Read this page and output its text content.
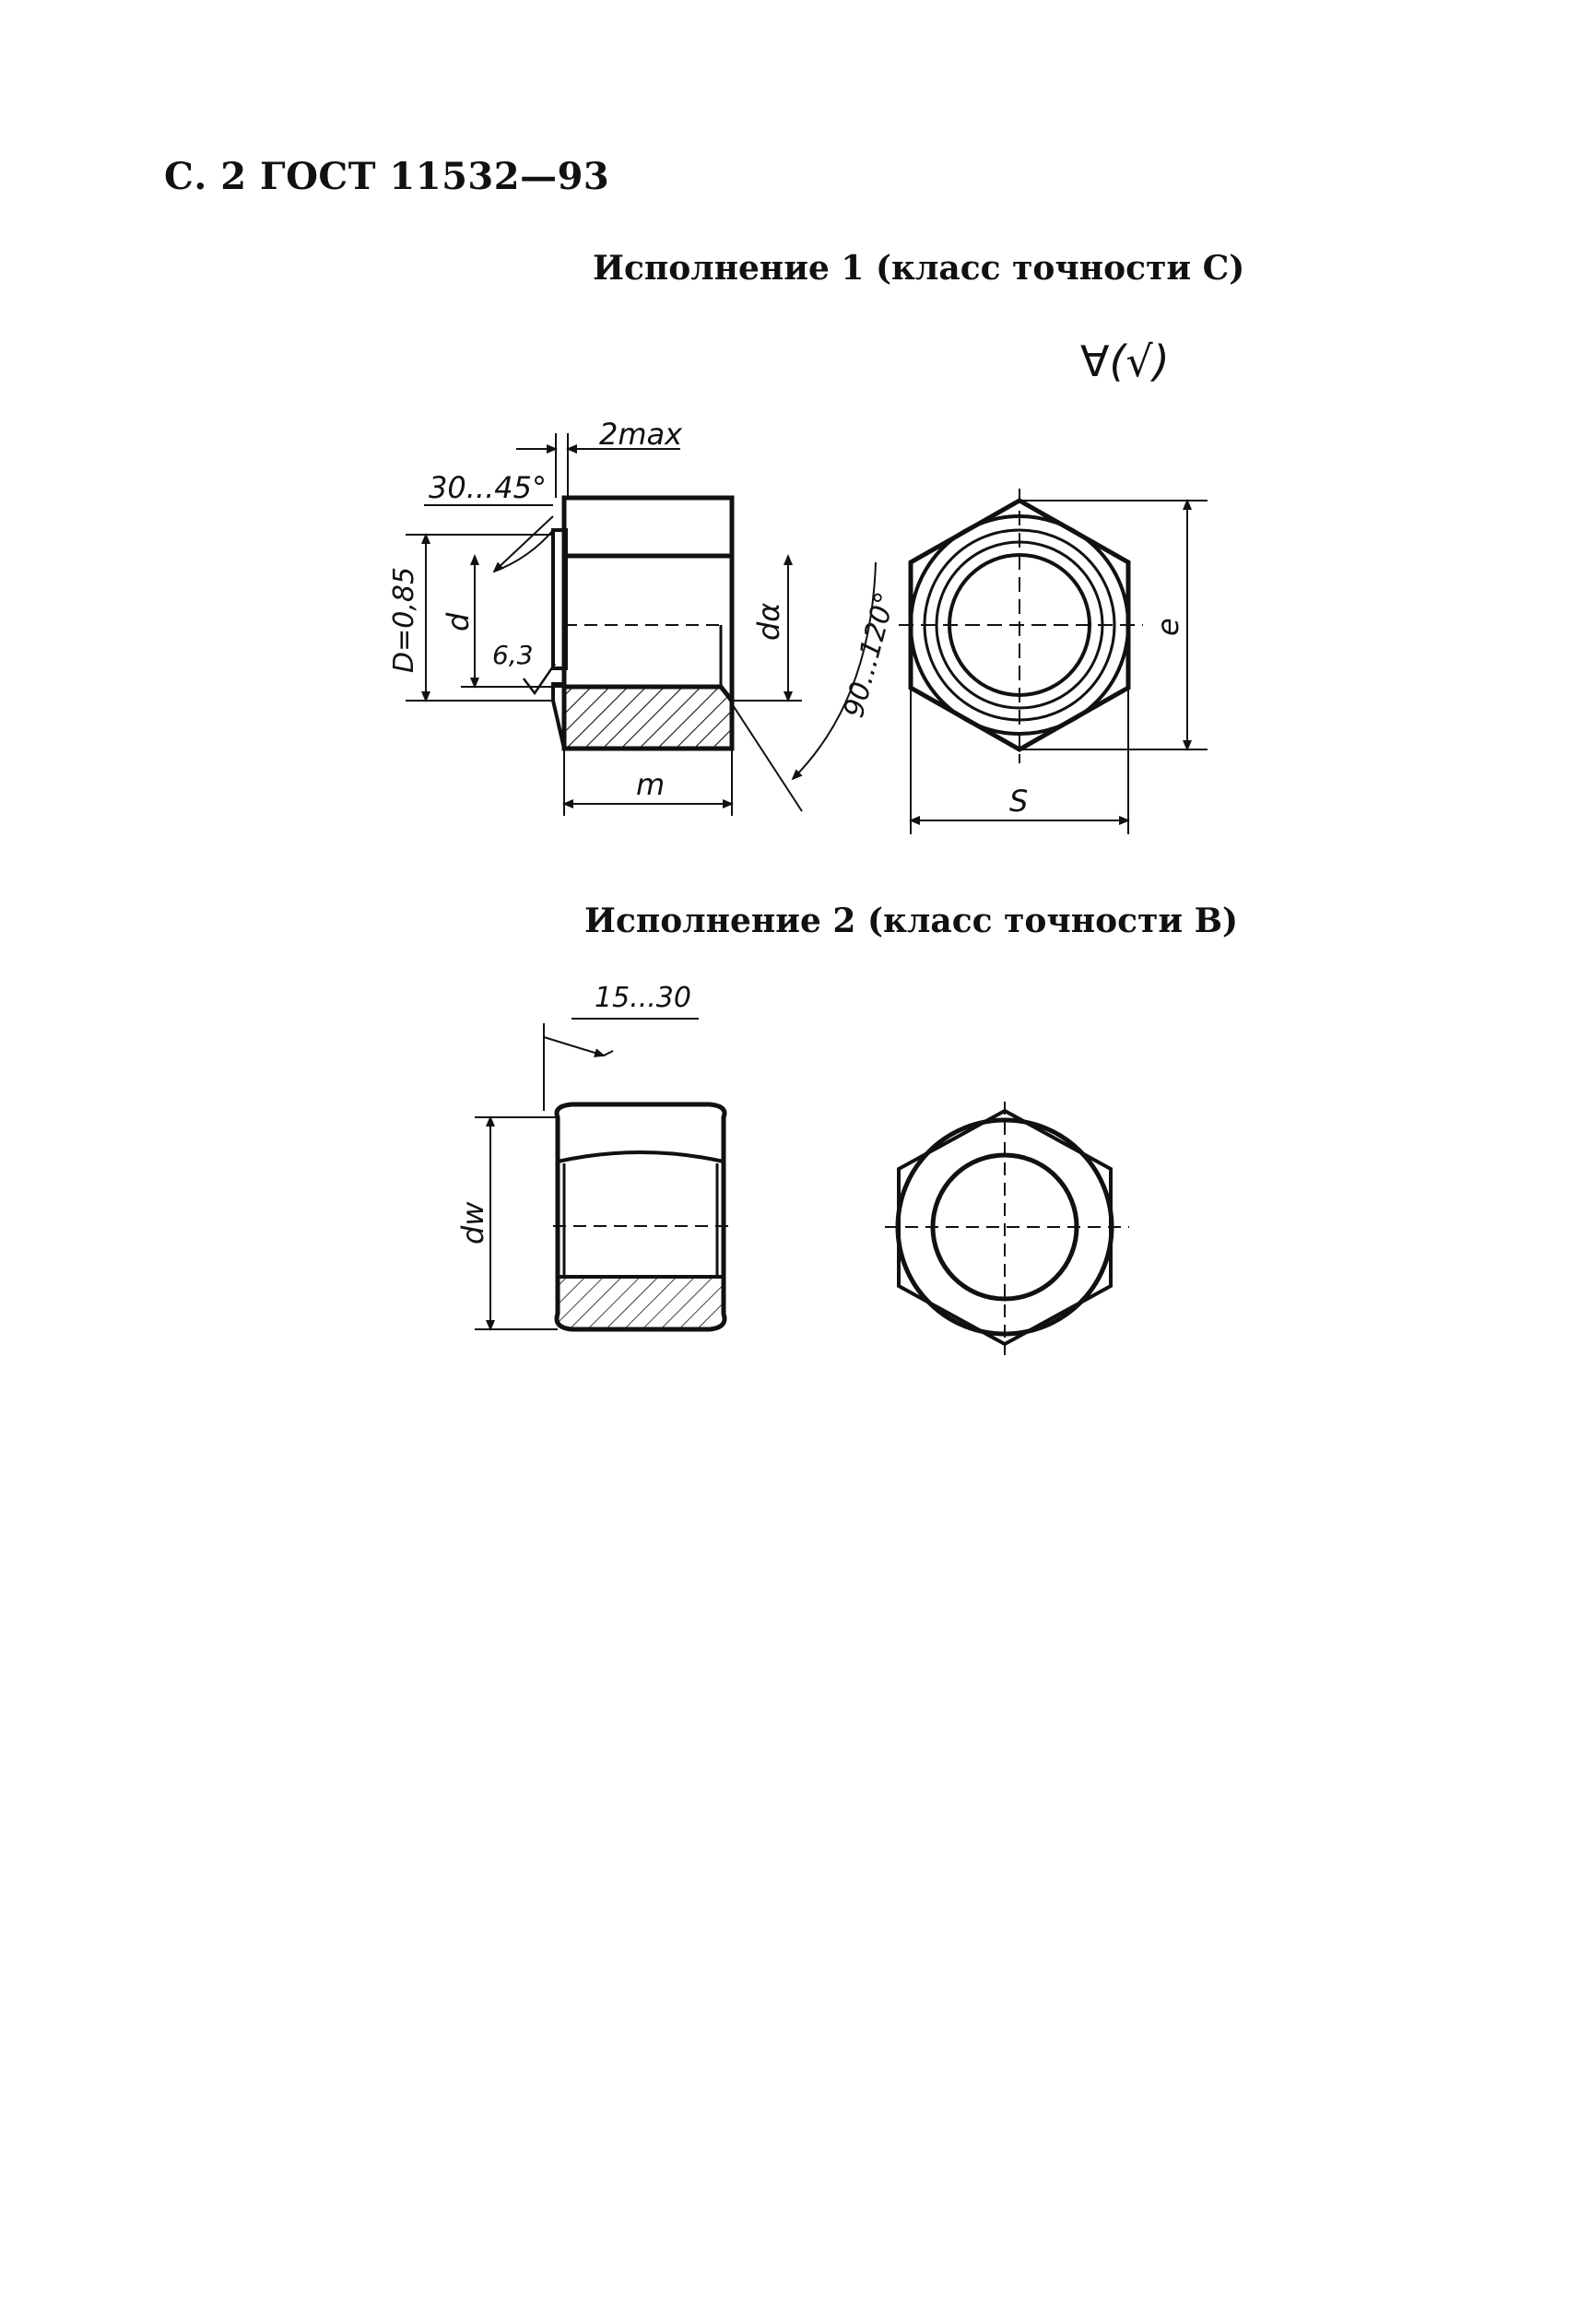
С. 2 ГОСТ 11532—93
Исполнение 1 (класс точности С)
Исполнение 2 (класс точности B)
∀(√)
2max
30...45°
D=0,85 d
6,3
dα 90...120°
m
e
S
15...30
dw
